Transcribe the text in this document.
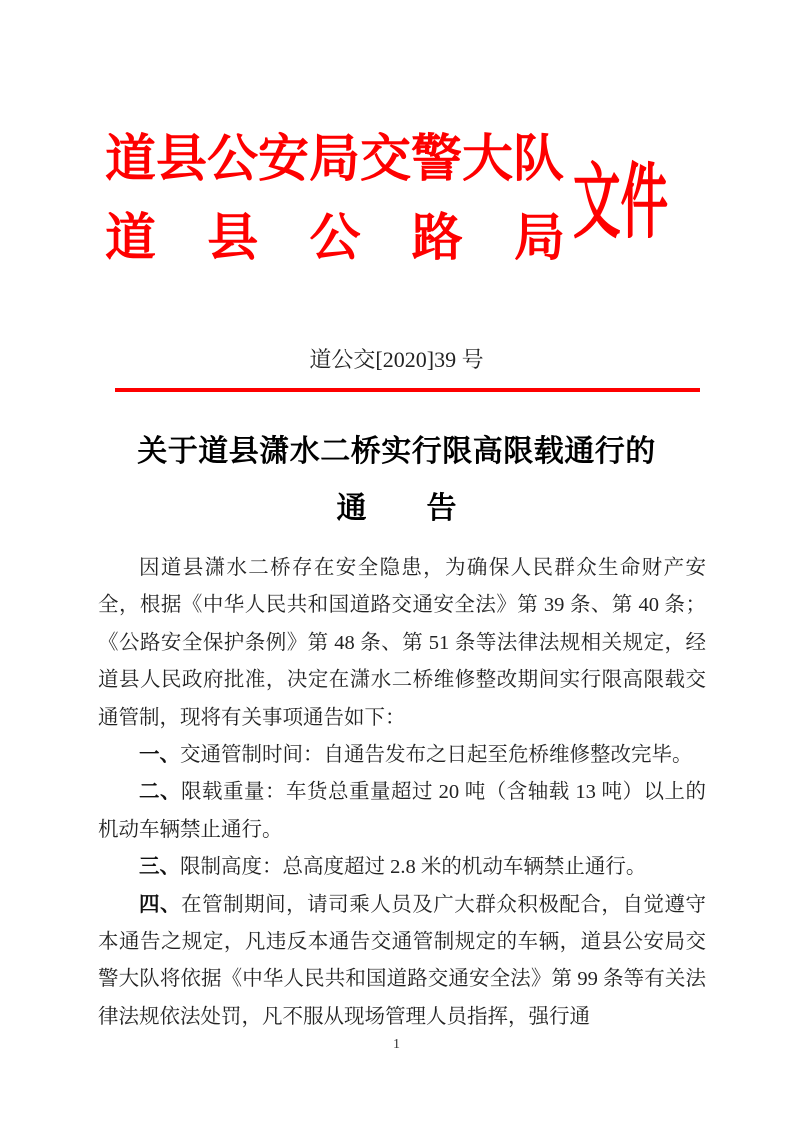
道县公安局交警大队
道县公路局 文件
道公交[2020]39 号
关于道县潇水二桥实行限高限载通行的
通　　告

因道县潇水二桥存在安全隐患，为确保人民群众生命财产安全，根据《中华人民共和国道路交通安全法》第 39 条、第 40 条；《公路安全保护条例》第 48 条、第 51 条等法律法规相关规定，经道县人民政府批准，决定在潇水二桥维修整改期间实行限高限载交通管制，现将有关事项通告如下：

一、交通管制时间：自通告发布之日起至危桥维修整改完毕。

二、限载重量：车货总重量超过 20 吨（含轴载 13 吨）以上的机动车辆禁止通行。

三、限制高度：总高度超过 2.8 米的机动车辆禁止通行。

四、在管制期间，请司乘人员及广大群众积极配合，自觉遵守本通告之规定，凡违反本通告交通管制规定的车辆，道县公安局交警大队将依据《中华人民共和国道路交通安全法》第 99 条等有关法律法规依法处罚，凡不服从现场管理人员指挥，强行通

1
